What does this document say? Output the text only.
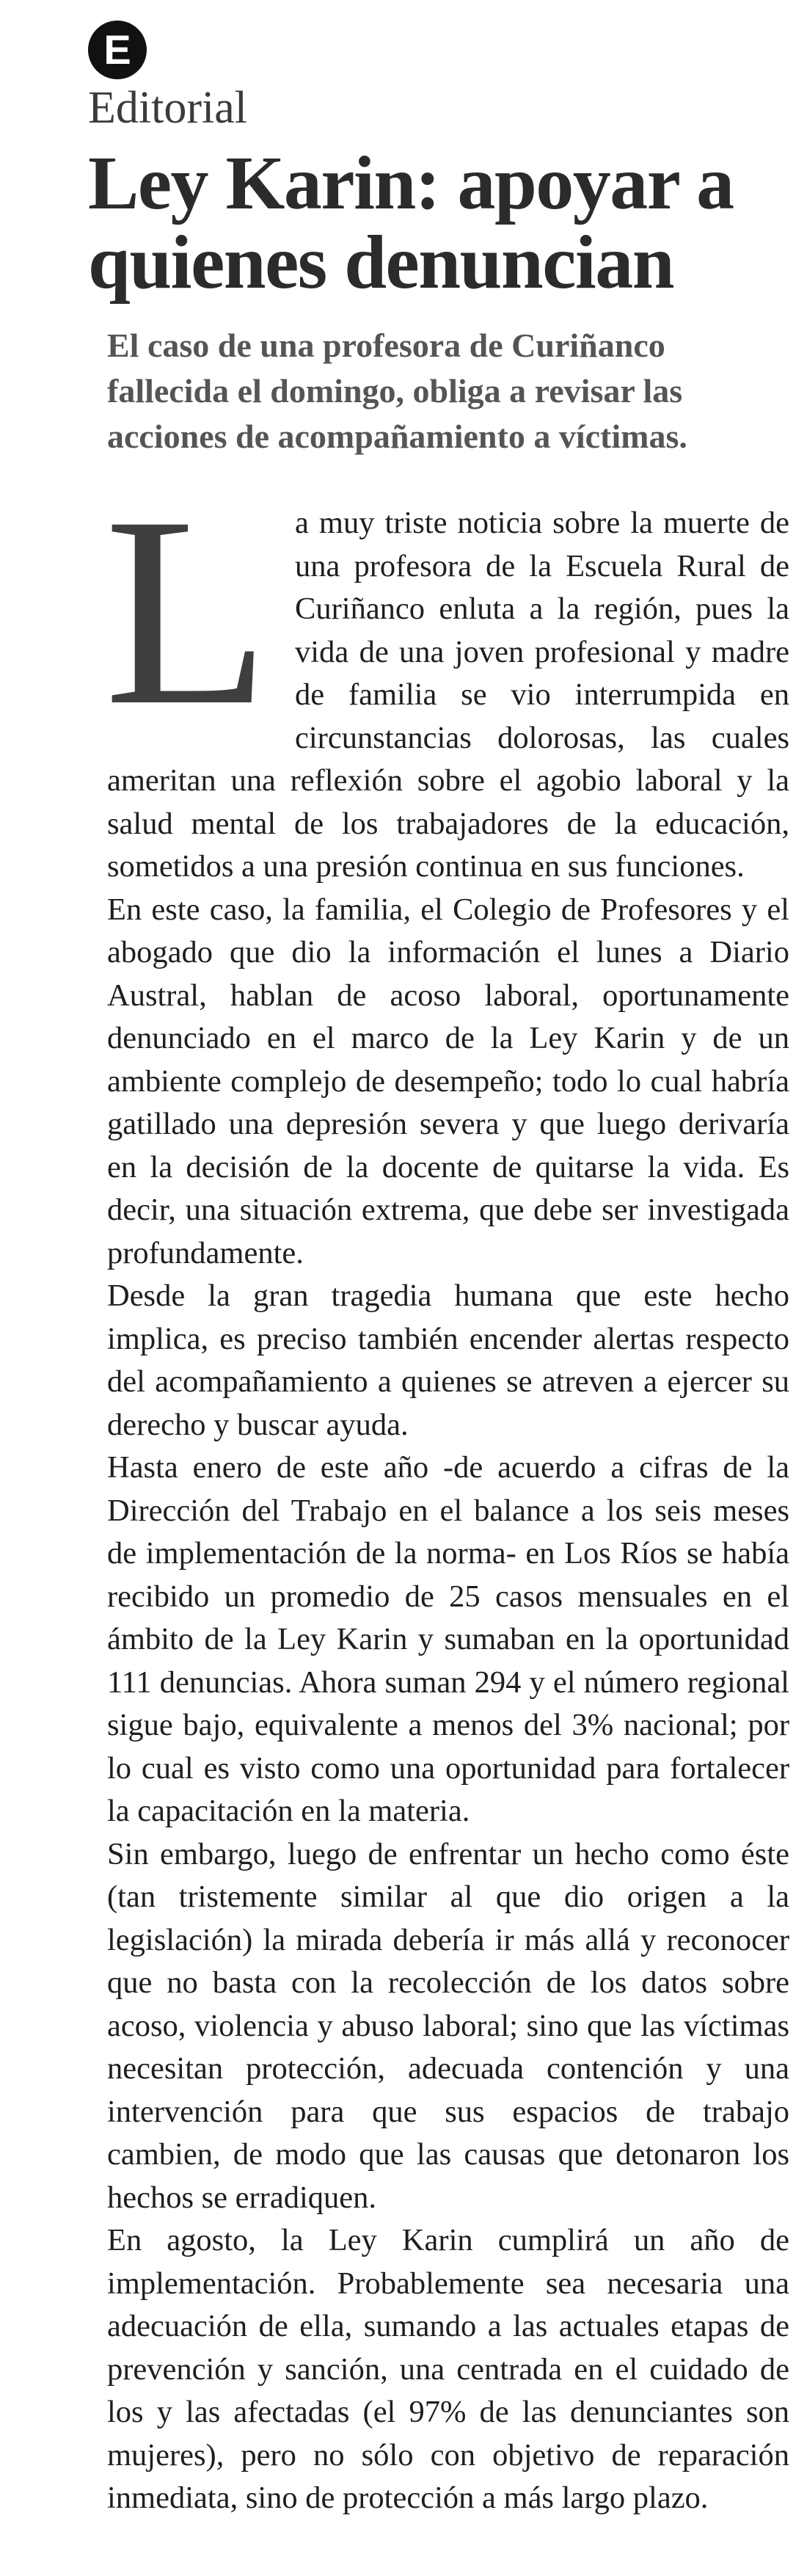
E
Editorial
Ley Karin: apoyar a quienes denuncian
El caso de una profesora de Curiñanco fallecida el domingo, obliga a revisar las acciones de acompañamiento a víctimas.

La muy triste noticia sobre la muerte de una profesora de la Escuela Rural de Curiñanco enluta a la región, pues la vida de una joven profesional y madre de familia se vio interrumpida en circunstancias dolorosas, las cuales ameritan una reflexión sobre el agobio laboral y la salud mental de los trabajadores de la educación, sometidos a una presión continua en sus funciones.

En este caso, la familia, el Colegio de Profesores y el abogado que dio la información el lunes a Diario Austral, hablan de acoso laboral, oportunamente denunciado en el marco de la Ley Karin y de un ambiente complejo de desempeño; todo lo cual habría gatillado una depresión severa y que luego derivaría en la decisión de la docente de quitarse la vida. Es decir, una situación extrema, que debe ser investigada profundamente.

Desde la gran tragedia humana que este hecho implica, es preciso también encender alertas respecto del acompañamiento a quienes se atreven a ejercer su derecho y buscar ayuda.

Hasta enero de este año -de acuerdo a cifras de la Dirección del Trabajo en el balance a los seis meses de implementación de la norma- en Los Ríos se había recibido un promedio de 25 casos mensuales en el ámbito de la Ley Karin y sumaban en la oportunidad 111 denuncias. Ahora suman 294 y el número regional sigue bajo, equivalente a menos del 3% nacional; por lo cual es visto como una oportunidad para fortalecer la capacitación en la materia.

Sin embargo, luego de enfrentar un hecho como éste (tan tristemente similar al que dio origen a la legislación) la mirada debería ir más allá y reconocer que no basta con la recolección de los datos sobre acoso, violencia y abuso laboral; sino que las víctimas necesitan protección, adecuada contención y una intervención para que sus espacios de trabajo cambien, de modo que las causas que detonaron los hechos se erradiquen.

En agosto, la Ley Karin cumplirá un año de implementación. Probablemente sea necesaria una adecuación de ella, sumando a las actuales etapas de prevención y sanción, una centrada en el cuidado de los y las afectadas (el 97% de las denunciantes son mujeres), pero no sólo con objetivo de reparación inmediata, sino de protección a más largo plazo.
